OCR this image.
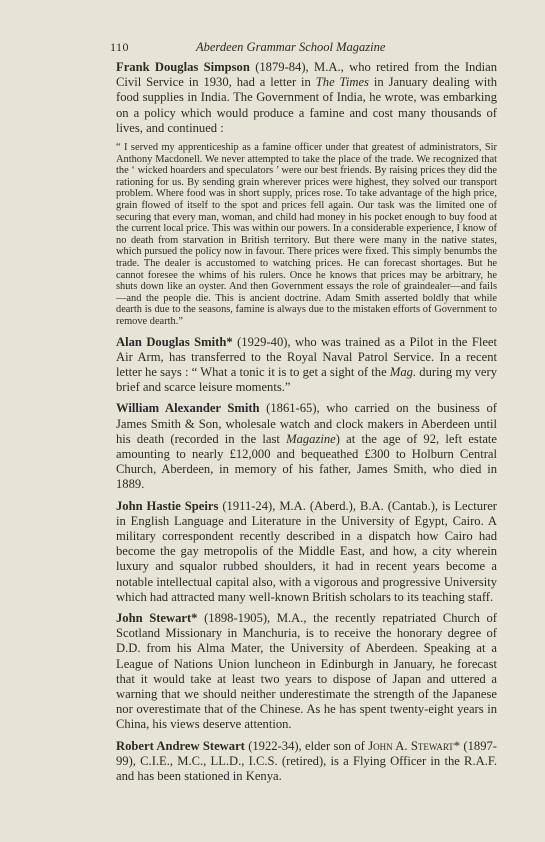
110	Aberdeen Grammar School Magazine

Frank Douglas Simpson (1879-84), M.A., who retired from the Indian Civil Service in 1930, had a letter in The Times in January dealing with food supplies in India. The Government of India, he wrote, was embarking on a policy which would produce a famine and cost many thousands of lives, and continued :

“ I served my apprenticeship as a famine officer under that greatest of administrators, Sir Anthony Macdonell. We never attempted to take the place of the trade. We recognized that the ‘ wicked hoarders and speculators ’ were our best friends. By raising prices they did the rationing for us. By sending grain wherever prices were highest, they solved our transport problem. Where food was in short supply, prices rose. To take advantage of the high price, grain flowed of itself to the spot and prices fell again. Our task was the limited one of securing that every man, woman, and child had money in his pocket enough to buy food at the current local price. This was within our powers. In a considerable experience, I know of no death from starvation in British territory. But there were many in the native states, which pursued the policy now in favour. There prices were fixed. This simply benumbs the trade. The dealer is accustomed to watching prices. He can forecast shortages. But he cannot foresee the whims of his rulers. Once he knows that prices may be arbitrary, he shuts down like an oyster. And then Government essays the role of graindealer—and fails—and the people die. This is ancient doctrine. Adam Smith asserted boldly that while dearth is due to the seasons, famine is always due to the mistaken efforts of Government to remove dearth.”

Alan Douglas Smith* (1929-40), who was trained as a Pilot in the Fleet Air Arm, has transferred to the Royal Naval Patrol Service. In a recent letter he says : “ What a tonic it is to get a sight of the Mag. during my very brief and scarce leisure moments.”

William Alexander Smith (1861-65), who carried on the business of James Smith & Son, wholesale watch and clock makers in Aberdeen until his death (recorded in the last Magazine) at the age of 92, left estate amounting to nearly £12,000 and bequeathed £300 to Holburn Central Church, Aberdeen, in memory of his father, James Smith, who died in 1889.

John Hastie Speirs (1911-24), M.A. (Aberd.), B.A. (Cantab.), is Lecturer in English Language and Literature in the University of Egypt, Cairo. A military correspondent recently described in a dispatch how Cairo had become the gay metropolis of the Middle East, and how, a city wherein luxury and squalor rubbed shoulders, it had in recent years become a notable intellectual capital also, with a vigorous and progressive University which had attracted many well-known British scholars to its teaching staff.

John Stewart* (1898-1905), M.A., the recently repatriated Church of Scotland Missionary in Manchuria, is to receive the honorary degree of D.D. from his Alma Mater, the University of Aberdeen. Speaking at a League of Nations Union luncheon in Edinburgh in January, he forecast that it would take at least two years to dispose of Japan and uttered a warning that we should neither underestimate the strength of the Japanese nor overestimate that of the Chinese. As he has spent twenty-eight years in China, his views deserve attention.

Robert Andrew Stewart (1922-34), elder son of John A. Stewart* (1897-99), C.I.E., M.C., LL.D., I.C.S. (retired), is a Flying Officer in the R.A.F. and has been stationed in Kenya.
